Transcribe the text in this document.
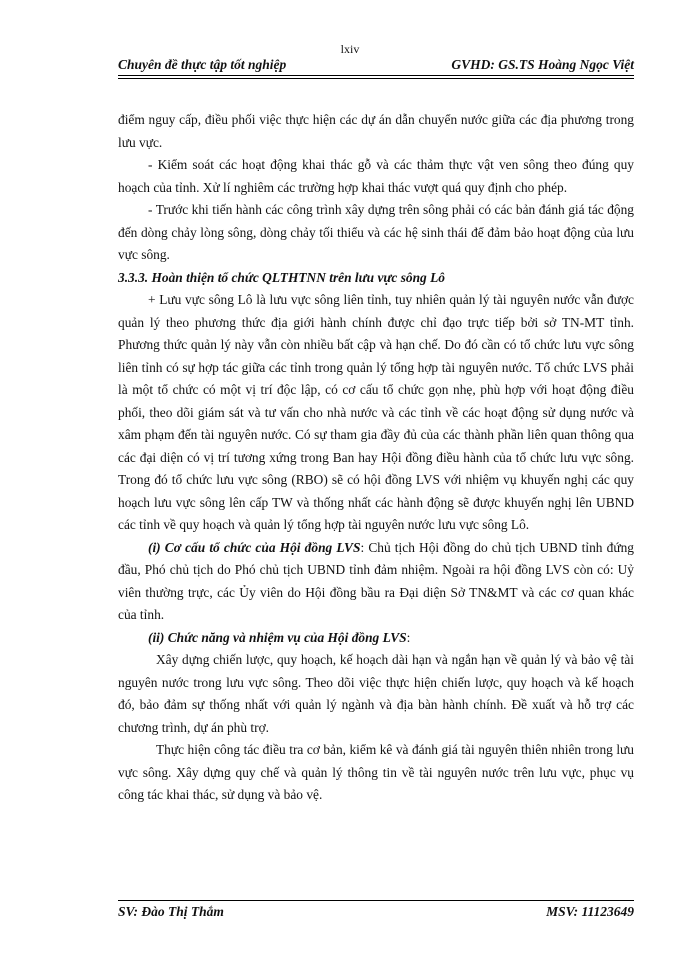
lxiv
Chuyên đề thực tập tốt nghiệp	GVHD: GS.TS Hoàng Ngọc Việt

điểm nguy cấp, điều phối việc thực hiện các dự án dẫn chuyển nước giữa các địa phương trong lưu vực.

- Kiểm soát các hoạt động khai thác gỗ và các thảm thực vật ven sông theo đúng quy hoạch của tỉnh. Xử lí nghiêm các trường hợp khai thác vượt quá quy định cho phép.

- Trước khi tiến hành các công trình xây dựng trên sông phải có các bản đánh giá tác động đến dòng chảy lòng sông, dòng chảy tối thiểu và các hệ sinh thái để đảm bảo hoạt động của lưu vực sông.

3.3.3. Hoàn thiện tổ chức QLTHTNN trên lưu vực sông Lô

+ Lưu vực sông Lô là lưu vực sông liên tỉnh, tuy nhiên quản lý tài nguyên nước vẫn được quản lý theo phương thức địa giới hành chính được chỉ đạo trực tiếp bởi sở TN-MT tỉnh. Phương thức quản lý này vẫn còn nhiều bất cập và hạn chế. Do đó cần có tổ chức lưu vực sông liên tỉnh có sự hợp tác giữa các tỉnh trong quản lý tổng hợp tài nguyên nước. Tổ chức LVS phải là một tổ chức có một vị trí độc lập, có cơ cấu tổ chức gọn nhẹ, phù hợp với hoạt động điều phối, theo dõi giám sát và tư vấn cho nhà nước và các tỉnh về các hoạt động sử dụng nước và xâm phạm đến tài nguyên nước. Có sự tham gia đầy đủ của các thành phần liên quan thông qua các đại diện có vị trí tương xứng trong Ban hay Hội đồng điều hành của tổ chức lưu vực sông. Trong đó tổ chức lưu vực sông (RBO) sẽ có hội đồng LVS với nhiệm vụ khuyến nghị các quy hoạch lưu vực sông lên cấp TW và thống nhất các hành động sẽ được khuyến nghị lên UBND các tỉnh về quy hoạch và quản lý tổng hợp tài nguyên nước lưu vực sông Lô.

(i) Cơ cấu tổ chức của Hội đồng LVS: Chủ tịch Hội đồng do chủ tịch UBND tỉnh đứng đầu, Phó chủ tịch do Phó chủ tịch UBND tỉnh đảm nhiệm. Ngoài ra hội đồng LVS còn có: Uỷ viên thường trực, các Ủy viên do Hội đồng bầu ra Đại diện Sở TN&MT và các cơ quan khác của tỉnh.

(ii) Chức năng và nhiệm vụ của Hội đồng LVS:

Xây dựng chiến lược, quy hoạch, kế hoạch dài hạn và ngắn hạn về quản lý và bảo vệ tài nguyên nước trong lưu vực sông. Theo dõi việc thực hiện chiến lược, quy hoạch và kế hoạch đó, bảo đảm sự thống nhất với quản lý ngành và địa bàn hành chính. Đề xuất và hỗ trợ các chương trình, dự án phù trợ.

Thực hiện công tác điều tra cơ bản, kiểm kê và đánh giá tài nguyên thiên nhiên trong lưu vực sông. Xây dựng quy chế và quản lý thông tin về tài nguyên nước trên lưu vực, phục vụ công tác khai thác, sử dụng và bảo vệ.

SV: Đào Thị Thắm	MSV: 11123649
